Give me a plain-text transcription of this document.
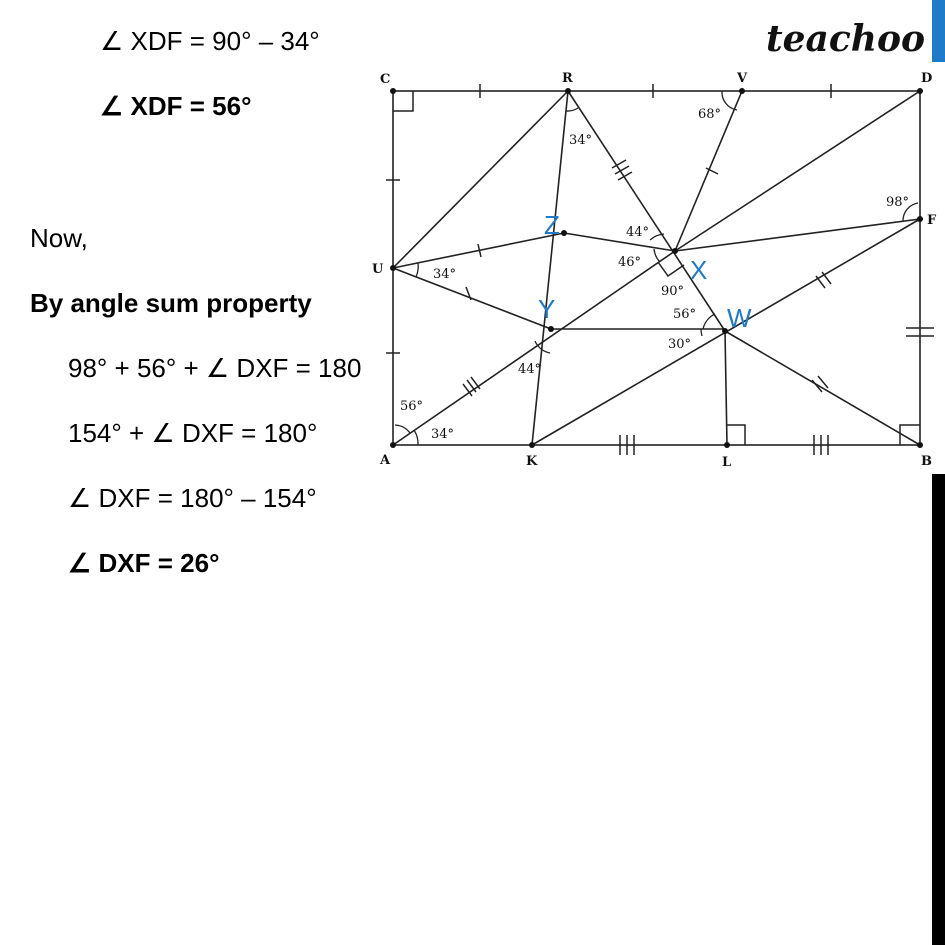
∠ XDF = 90° – 34°
∠ XDF = 56°
Now,
By angle sum property
98° + 56° + ∠ DXF = 180
154° + ∠ DXF = 180°
∠ DXF = 180° – 154°
∠ DXF = 26°
teachoo
C	R	V	D
U
F
A	K	L	B
Z
Y
X
W
34°
68°
98°
44°
46°
90°
34°
56°
30°
44°
56°
34°
